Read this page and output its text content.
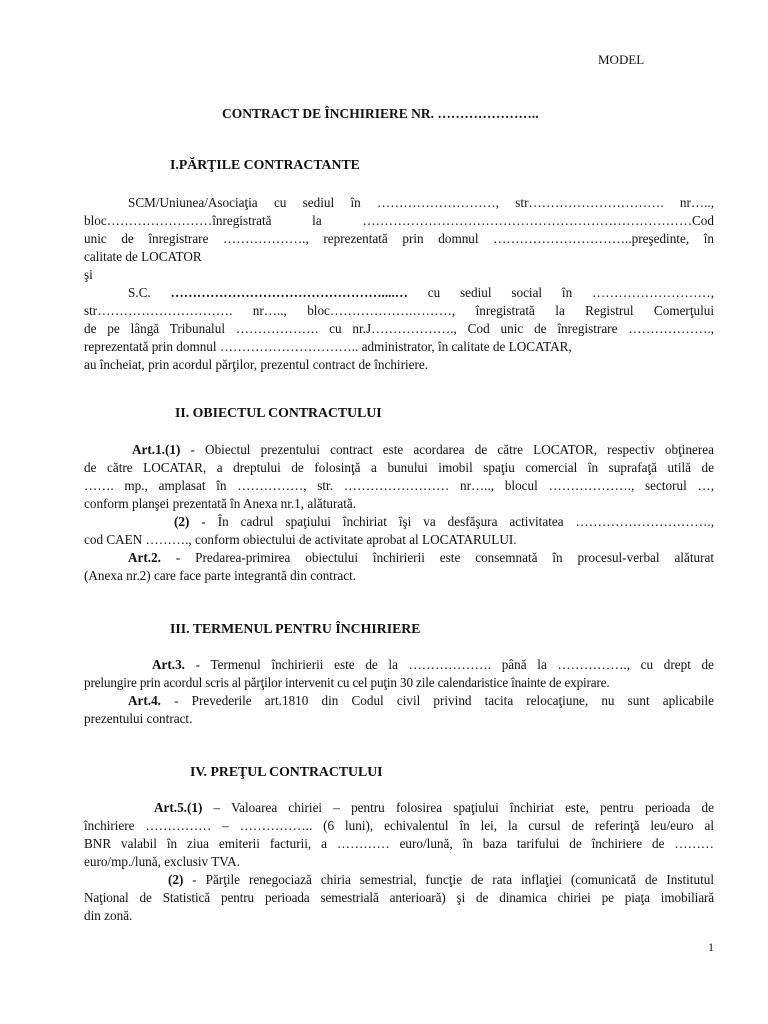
MODEL
CONTRACT DE ÎNCHIRIERE NR. …………………..
I.PĂRŢILE CONTRACTANTE
SCM/Uniunea/Asociaţia cu sediul în ………………………, str…………………………. nr…..,
bloc……………………înregistrată la …………………………………………………………………Cod
unic de înregistrare ………………., reprezentată prin domnul …………………………..preşedinte, în
calitate de LOCATOR
şi
S.C. …………………………………………....… cu sediul social în ………………………,
str…………………………. nr….., bloc……………….………, înregistrată la Registrul Comerţului
de pe lângă Tribunalul ………………. cu nr.J………………., Cod unic de înregistrare ……………….,
reprezentată prin domnul ………………………….. administrator, în calitate de LOCATAR,
au încheiat, prin acordul părţilor, prezentul contract de închiriere.
II. OBIECTUL CONTRACTULUI
Art.1.(1) - Obiectul prezentului contract este acordarea de către LOCATOR, respectiv obţinerea
de către LOCATAR, a dreptului de folosinţă a bunului imobil spaţiu comercial în suprafaţă utilă de
……. mp., amplasat în ……………, str. …………………… nr….., blocul ………………., sectorul …,
conform planşei prezentată în Anexa nr.1, alăturată.
(2) - În cadrul spaţiului închiriat îşi va desfăşura activitatea ………………………….,
cod CAEN ………., conform obiectului de activitate aprobat al LOCATARULUI.
Art.2. - Predarea-primirea obiectului închirierii este consemnată în procesul-verbal alăturat
(Anexa nr.2) care face parte integrantă din contract.
III. TERMENUL PENTRU ÎNCHIRIERE
Art.3. - Termenul închirierii este de la ………………. până la ……………., cu drept de
prelungire prin acordul scris al părţilor intervenit cu cel puţin 30 zile calendaristice înainte de expirare.
Art.4. - Prevederile art.1810 din Codul civil privind tacita relocaţiune, nu sunt aplicabile
prezentului contract.
IV. PREŢUL CONTRACTULUI
Art.5.(1) – Valoarea chiriei – pentru folosirea spaţiului închiriat este, pentru perioada de
închiriere …………… – …………….. (6 luni), echivalentul în lei, la cursul de referinţă leu/euro al
BNR valabil în ziua emiterii facturii, a ………… euro/lună, în baza tarifului de închiriere de ………
euro/mp./lună, exclusiv TVA.
(2) - Părţile renegociază chiria semestrial, funcţie de rata inflaţiei (comunicată de Institutul
Naţional de Statistică pentru perioada semestrială anterioară) şi de dinamica chiriei pe piaţa imobiliară
din zonă.
1
